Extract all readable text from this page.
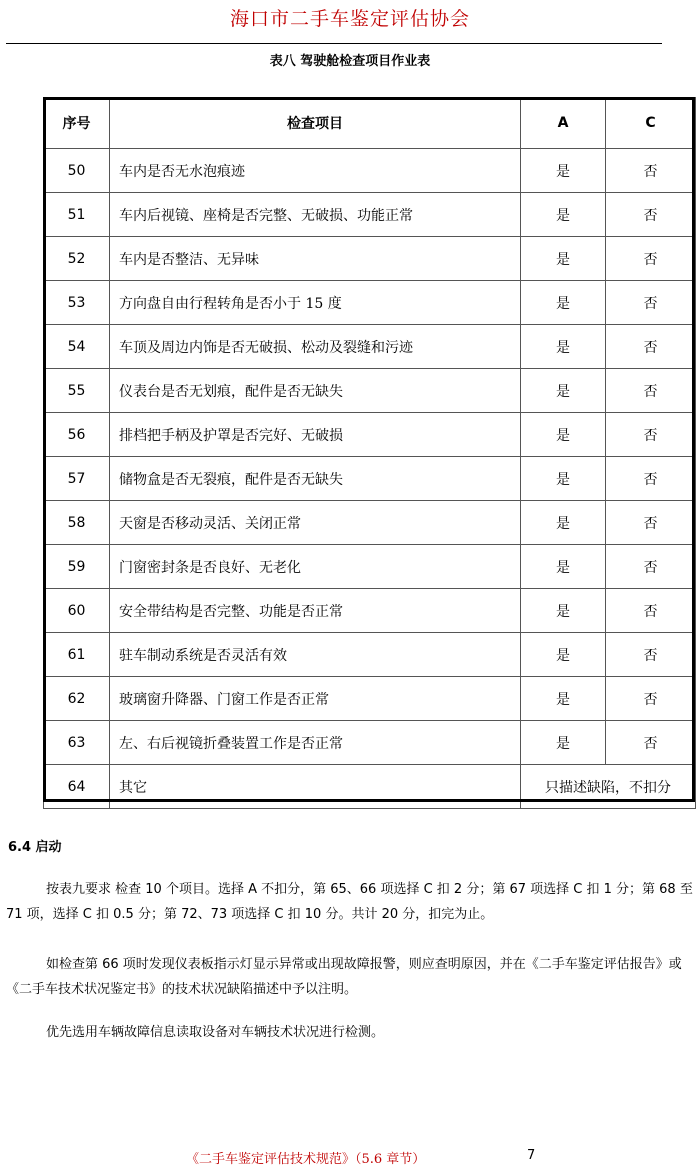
海口市二手车鉴定评估协会
表八 驾驶舱检查项目作业表
序号	检查项目	A	C
50	车内是否无水泡痕迹	是	否
51	车内后视镜、座椅是否完整、无破损、功能正常	是	否
52	车内是否整洁、无异味	是	否
53	方向盘自由行程转角是否小于 15 度	是	否
54	车顶及周边内饰是否无破损、松动及裂缝和污迹	是	否
55	仪表台是否无划痕，配件是否无缺失	是	否
56	排档把手柄及护罩是否完好、无破损	是	否
57	储物盒是否无裂痕，配件是否无缺失	是	否
58	天窗是否移动灵活、关闭正常	是	否
59	门窗密封条是否良好、无老化	是	否
60	安全带结构是否完整、功能是否正常	是	否
61	驻车制动系统是否灵活有效	是	否
62	玻璃窗升降器、门窗工作是否正常	是	否
63	左、右后视镜折叠装置工作是否正常	是	否
64	其它	只描述缺陷，不扣分	
6.4 启动

按表九要求 检查 10 个项目。选择 A 不扣分，第 65、66 项选择 C 扣 2 分；第 67 项选择 C 扣 1 分；第 68 至 71 项，选择 C 扣 0.5 分；第 72、73 项选择 C 扣 10 分。共计 20 分，扣完为止。

如检查第 66 项时发现仪表板指示灯显示异常或出现故障报警，则应查明原因，并在《二手车鉴定评估报告》或《二手车技术状况鉴定书》的技术状况缺陷描述中予以注明。

优先选用车辆故障信息读取设备对车辆技术状况进行检测。

《二手车鉴定评估技术规范》（5.6 章节）	7
